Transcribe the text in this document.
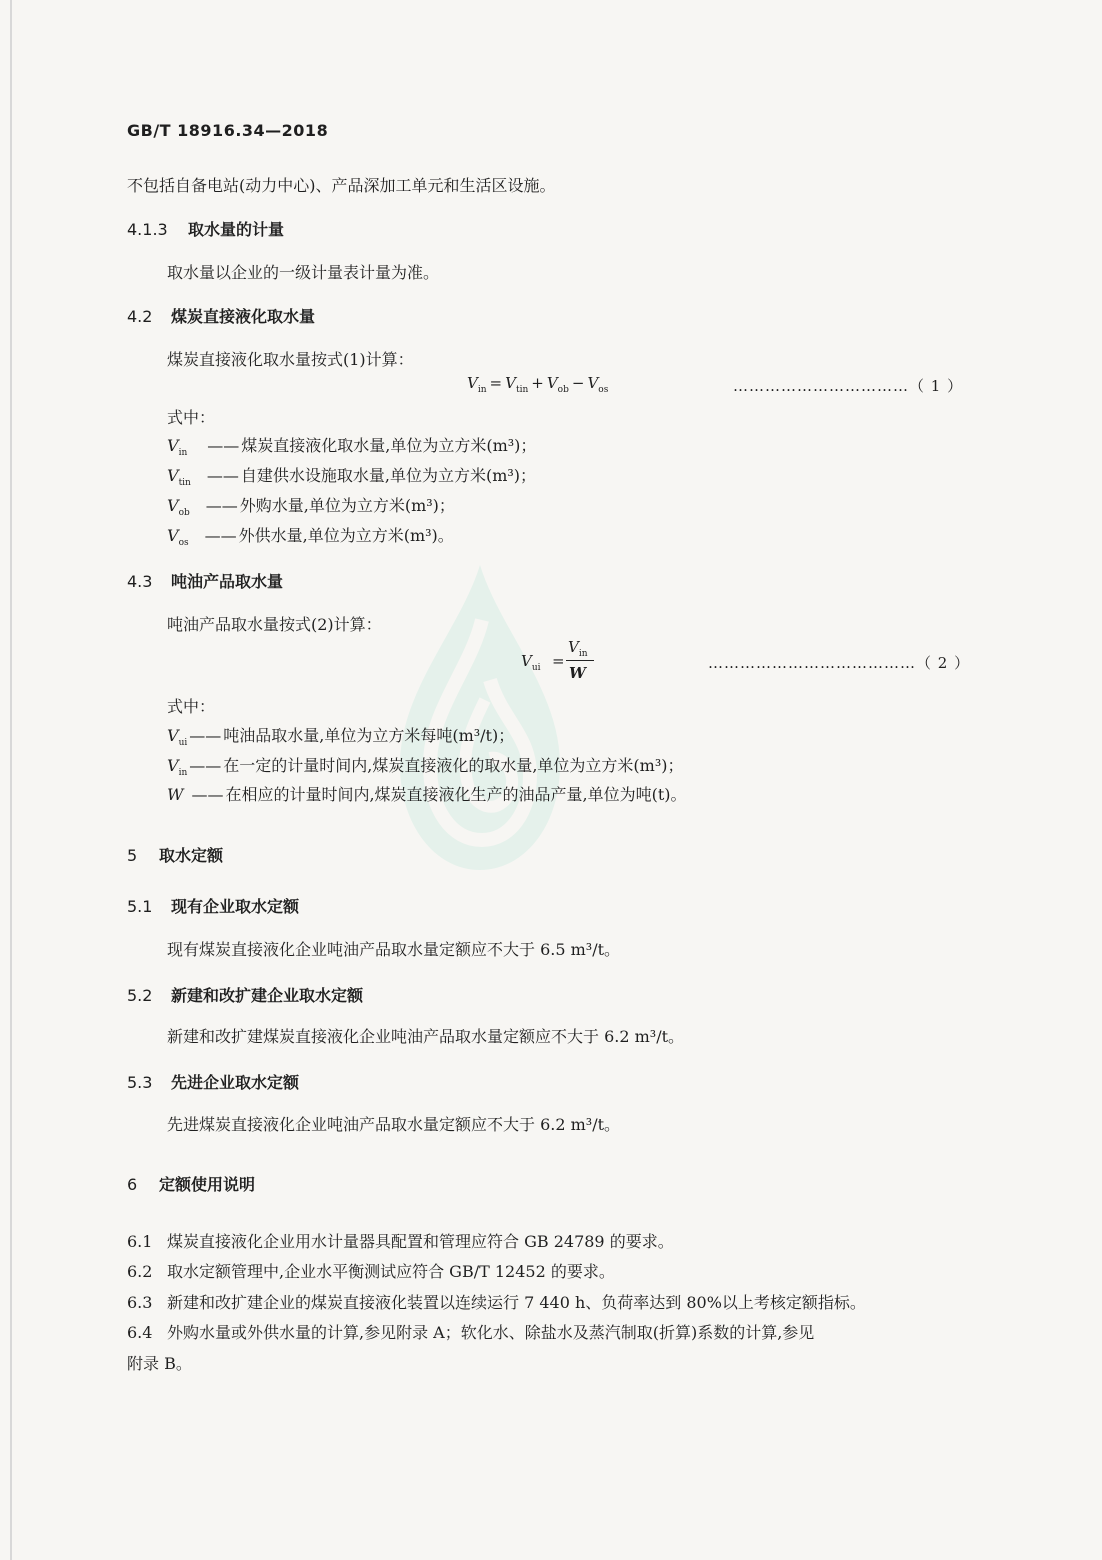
GB/T 18916.34—2018
不包括自备电站(动力中心)、产品深加工单元和生活区设施。
4.1.3 取水量的计量
取水量以企业的一级计量表计量为准。
4.2 煤炭直接液化取水量
煤炭直接液化取水量按式(1)计算：
$V_{in} = V_{tin} + V_{ob} - V_{os}$	……………………………（ 1 ）
式中：
$V_{in}$ —— 煤炭直接液化取水量,单位为立方米(m³)；
$V_{tin}$ —— 自建供水设施取水量,单位为立方米(m³)；
$V_{ob}$ —— 外购水量,单位为立方米(m³)；
$V_{os}$ —— 外供水量,单位为立方米(m³)。
4.3 吨油产品取水量
吨油产品取水量按式(2)计算：
$V_{ui}$ =
$V_{in}$
W
…………………………………（ 2 ）
式中：
$V_{ui}$ —— 吨油品取水量,单位为立方米每吨(m³/t)；
$V_{in}$ —— 在一定的计量时间内,煤炭直接液化的取水量,单位为立方米(m³)；
W —— 在相应的计量时间内,煤炭直接液化生产的油品产量,单位为吨(t)。
5 取水定额
5.1 现有企业取水定额
现有煤炭直接液化企业吨油产品取水量定额应不大于 6.5 m³/t。
5.2 新建和改扩建企业取水定额
新建和改扩建煤炭直接液化企业吨油产品取水量定额应不大于 6.2 m³/t。
5.3 先进企业取水定额
先进煤炭直接液化企业吨油产品取水量定额应不大于 6.2 m³/t。
6 定额使用说明
6.1 煤炭直接液化企业用水计量器具配置和管理应符合 GB 24789 的要求。
6.2 取水定额管理中,企业水平衡测试应符合 GB/T 12452 的要求。
6.3 新建和改扩建企业的煤炭直接液化装置以连续运行 7 440 h、负荷率达到 80%以上考核定额指标。
6.4 外购水量或外供水量的计算,参见附录 A；软化水、除盐水及蒸汽制取(折算)系数的计算,参见
附录 B。
